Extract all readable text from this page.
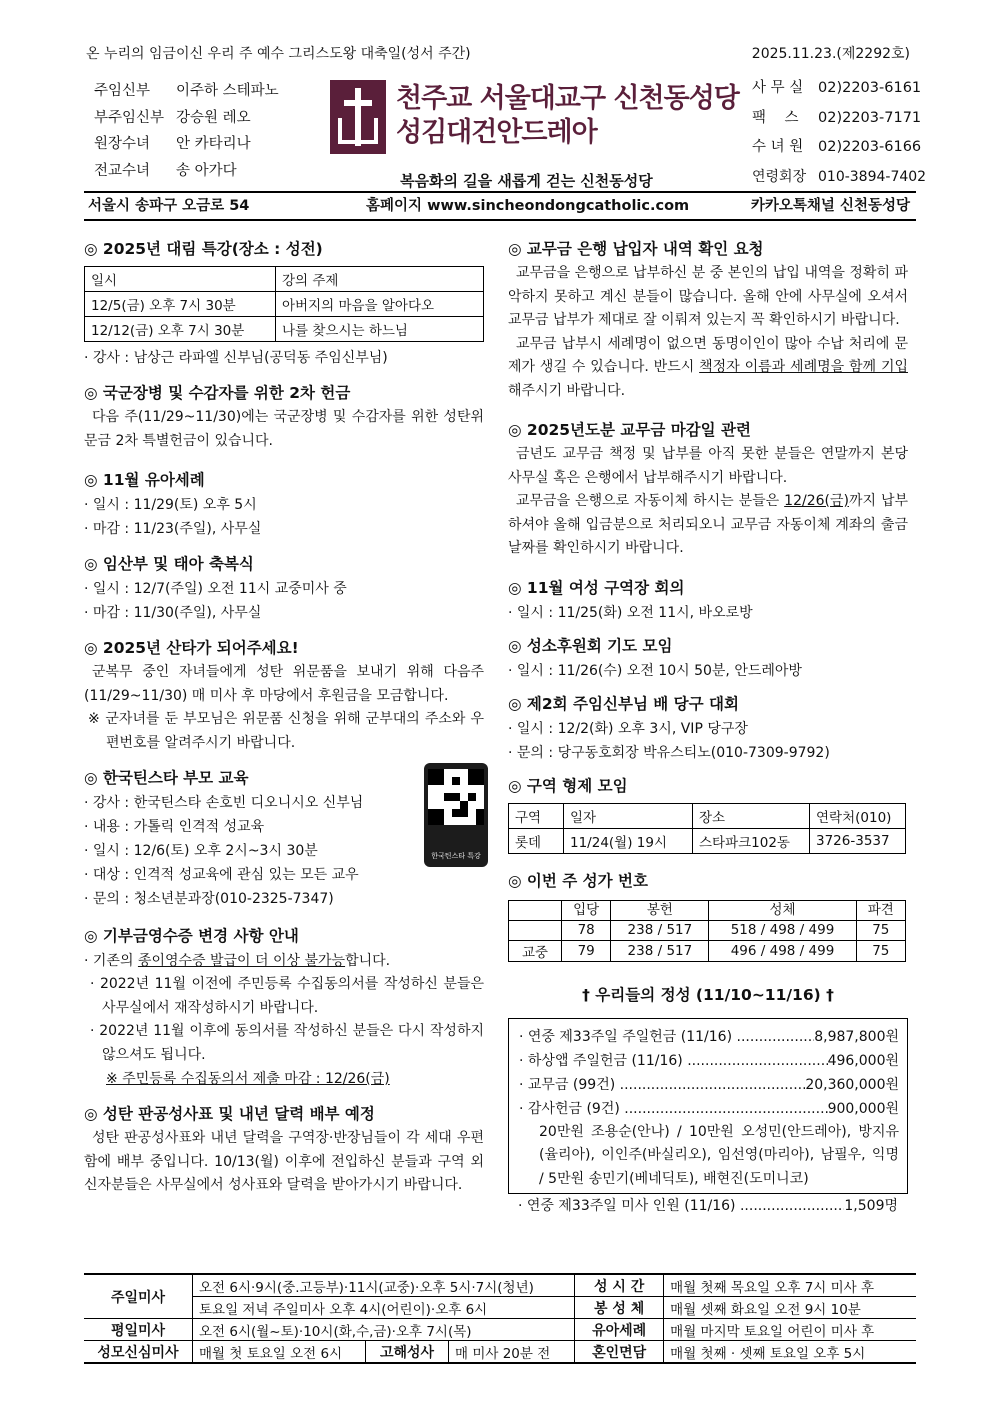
온 누리의 임금이신 우리 주 예수 그리스도왕 대축일(성서 주간)	2025.11.23.(제2292호)
주임신부 이주하 스테파노
부주임신부 강승원 레오
원장수녀 안 카타리나
전교수녀 송 아가다
천주교 서울대교구 신천동성당
성김대건안드레아
복음화의 길을 새롭게 걷는 신천동성당
사 무 실 02)2203-6161
팩    스 02)2203-7171
수 녀 원 02)2203-6166
연령회장 010-3894-7402
서울시 송파구 오금로 54	홈페이지 www.sincheondongcatholic.com	카카오톡채널 신천동성당
◎ 2025년 대림 특강(장소 : 성전)
일시	강의 주제
12/5(금) 오후 7시 30분	아버지의 마음을 알아다오
12/12(금) 오후 7시 30분	나를 찾으시는 하느님
· 강사 : 남상근 라파엘 신부님(공덕동 주임신부님)
◎ 국군장병 및 수감자를 위한 2차 헌금
다음 주(11/29~11/30)에는 국군장병 및 수감자를 위한 성탄위문금 2차 특별헌금이 있습니다.
◎ 11월 유아세례
· 일시 : 11/29(토) 오후 5시
· 마감 : 11/23(주일), 사무실
◎ 임산부 및 태아 축복식
· 일시 : 12/7(주일) 오전 11시 교중미사 중
· 마감 : 11/30(주일), 사무실
◎ 2025년 산타가 되어주세요!
군복무 중인 자녀들에게 성탄 위문품을 보내기 위해 다음주(11/29~11/30) 매 미사 후 마당에서 후원금을 모금합니다.
※ 군자녀를 둔 부모님은 위문품 신청을 위해 군부대의 주소와 우편번호를 알려주시기 바랍니다.
◎ 한국틴스타 부모 교육
· 강사 : 한국틴스타 손호빈 디오니시오 신부님
· 내용 : 가톨릭 인격적 성교육
· 일시 : 12/6(토) 오후 2시~3시 30분
· 대상 : 인격적 성교육에 관심 있는 모든 교우
· 문의 : 청소년분과장(010-2325-7347)
한국틴스타 특강
◎ 기부금영수증 변경 사항 안내
· 기존의 종이영수증 발급이 더 이상 불가능합니다.
· 2022년 11월 이전에 주민등록 수집동의서를 작성하신 분들은 사무실에서 재작성하시기 바랍니다.
· 2022년 11월 이후에 동의서를 작성하신 분들은 다시 작성하지 않으셔도 됩니다.
※ 주민등록 수집동의서 제출 마감 : 12/26(금)
◎ 성탄 판공성사표 및 내년 달력 배부 예정
성탄 판공성사표와 내년 달력을 구역장·반장님들이 각 세대 우편함에 배부 중입니다. 10/13(월) 이후에 전입하신 분들과 구역 외 신자분들은 사무실에서 성사표와 달력을 받아가시기 바랍니다.
◎ 교무금 은행 납입자 내역 확인 요청
교무금을 은행으로 납부하신 분 중 본인의 납입 내역을 정확히 파악하지 못하고 계신 분들이 많습니다. 올해 안에 사무실에 오셔서 교무금 납부가 제대로 잘 이뤄져 있는지 꼭 확인하시기 바랍니다.
교무금 납부시 세례명이 없으면 동명이인이 많아 수납 처리에 문제가 생길 수 있습니다. 반드시 책정자 이름과 세례명을 함께 기입해주시기 바랍니다.
◎ 2025년도분 교무금 마감일 관련
금년도 교무금 책정 및 납부를 아직 못한 분들은 연말까지 본당 사무실 혹은 은행에서 납부해주시기 바랍니다.
교무금을 은행으로 자동이체 하시는 분들은 12/26(금)까지 납부하셔야 올해 입금분으로 처리되오니 교무금 자동이체 계좌의 출금 날짜를 확인하시기 바랍니다.
◎ 11월 여성 구역장 회의
· 일시 : 11/25(화) 오전 11시, 바오로방
◎ 성소후원회 기도 모임
· 일시 : 11/26(수) 오전 10시 50분, 안드레아방
◎ 제2회 주임신부님 배 당구 대회
· 일시 : 12/2(화) 오후 3시, VIP 당구장
· 문의 : 당구동호회장 박유스티노(010-7309-9792)
◎ 구역 형제 모임
구역	일자	장소	연락처(010)
롯데	11/24(월) 19시	스타파크102동	3726-3537
◎ 이번 주 성가 번호
	입당	봉헌	성체	파견
	78	238 / 517	518 / 498 / 499	75
교중	79	238 / 517	496 / 498 / 499	75
† 우리들의 정성 (11/10~11/16) †
· 연중 제33주일 주일헌금 (11/16) .....	8,987,800원
· 하상앱 주일헌금 (11/16) .....	496,000원
· 교무금 (99건) .....	20,360,000원
· 감사헌금 (9건) .....	900,000원
20만원 조용순(안나) / 10만원 오성민(안드레아), 방지유(율리아), 이인주(바실리오), 임선영(마리아), 남필우, 익명 / 5만원 송민기(베네딕토), 배현진(도미니코)
· 연중 제33주일 미사 인원 (11/16) .....	1,509명
주일미사	오전 6시·9시(중.고등부)·11시(교중)·오후 5시·7시(청년)			성 시 간	매월 첫째 목요일 오후 7시 미사 후
	토요일 저녁 주일미사 오후 4시(어린이)·오후 6시			봉 성 체	매월 셋째 화요일 오전 9시 10분
평일미사	오전 6시(월~토)·10시(화,수,금)·오후 7시(목)			유아세례	매월 마지막 토요일 어린이 미사 후
성모신심미사	매월 첫 토요일 오전 6시	고해성사	매 미사 20분 전	혼인면담	매월 첫째 · 셋째 토요일 오후 5시
